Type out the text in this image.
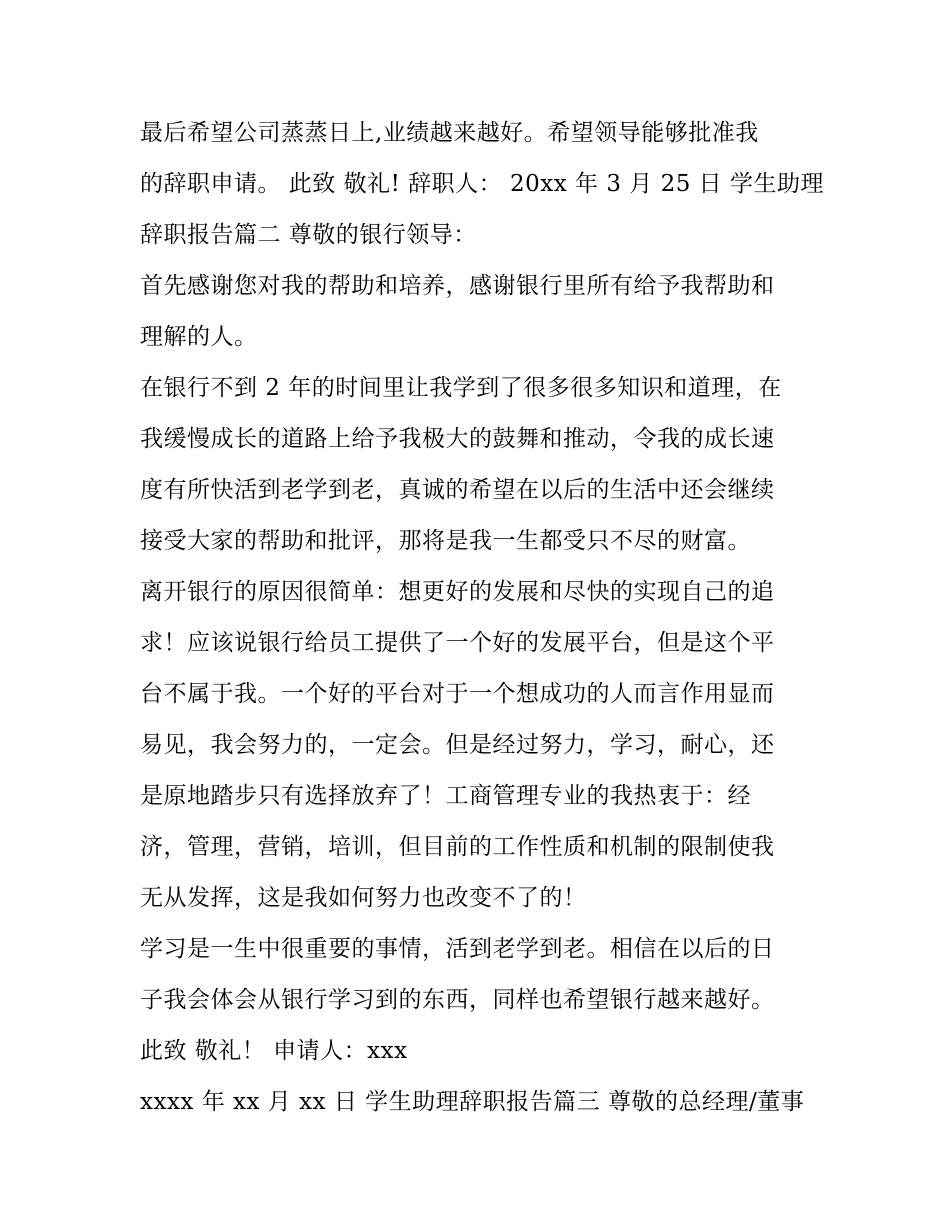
最后希望公司蒸蒸日上,业绩越来越好。希望领导能够批准我
的辞职申请。 此致 敬礼! 辞职人： 20xx 年 3 月 25 日 学生助理
辞职报告篇二 尊敬的银行领导：
首先感谢您对我的帮助和培养，感谢银行里所有给予我帮助和
理解的人。
在银行不到 2 年的时间里让我学到了很多很多知识和道理，在
我缓慢成长的道路上给予我极大的鼓舞和推动，令我的成长速
度有所快活到老学到老，真诚的希望在以后的生活中还会继续
接受大家的帮助和批评，那将是我一生都受只不尽的财富。
离开银行的原因很简单：想更好的发展和尽快的实现自己的追
求！应该说银行给员工提供了一个好的发展平台，但是这个平
台不属于我。一个好的平台对于一个想成功的人而言作用显而
易见，我会努力的，一定会。但是经过努力，学习，耐心，还
是原地踏步只有选择放弃了！工商管理专业的我热衷于：经
济，管理，营销，培训，但目前的工作性质和机制的限制使我
无从发挥，这是我如何努力也改变不了的！
学习是一生中很重要的事情，活到老学到老。相信在以后的日
子我会体会从银行学习到的东西，同样也希望银行越来越好。
此致 敬礼！ 申请人：xxx
xxxx 年 xx 月 xx 日 学生助理辞职报告篇三 尊敬的总经理/董事
